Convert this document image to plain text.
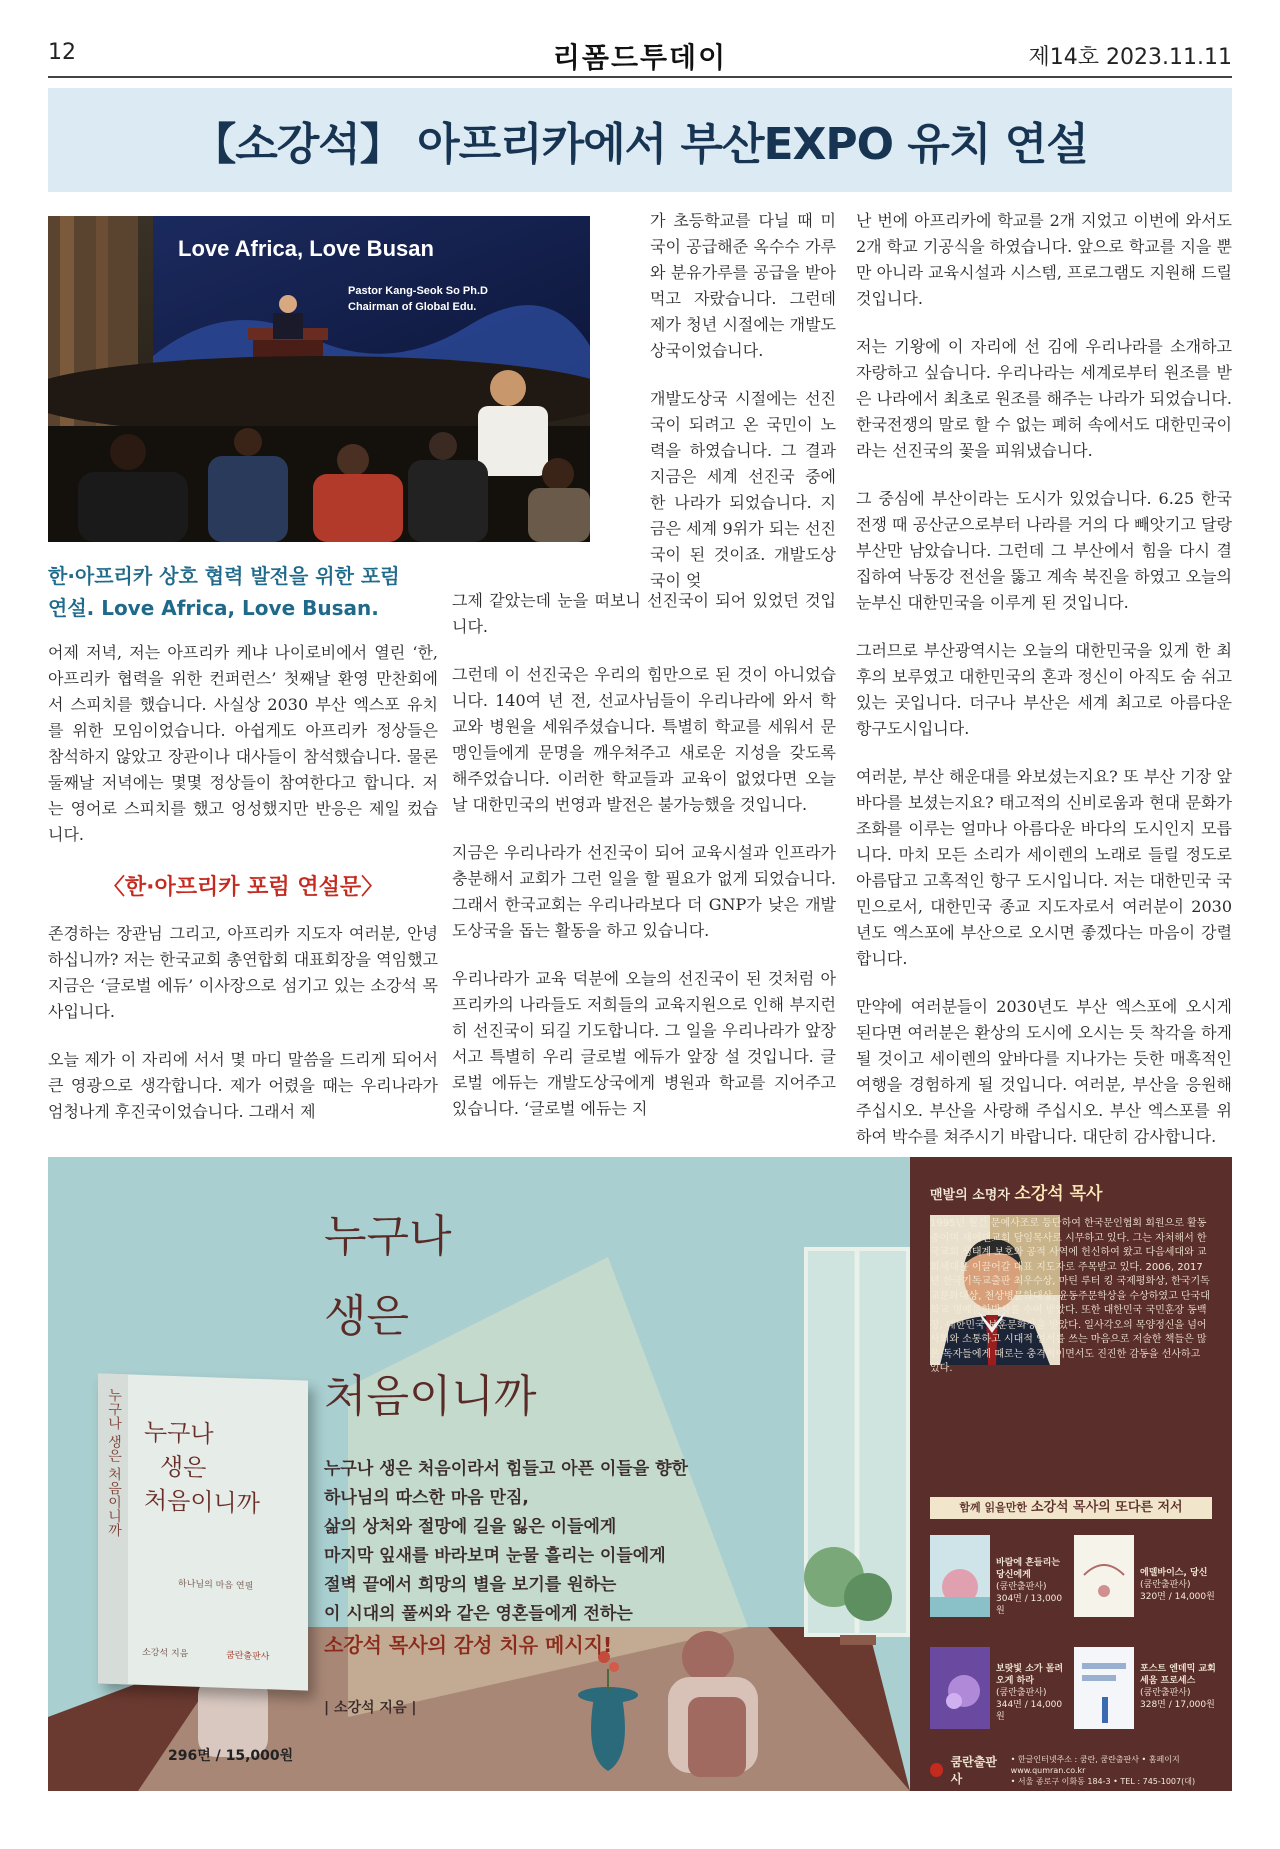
12	리폼드투데이	제14호 2023.11.11
【 소강석 】 아프리카에서 부산EXPO 유치 연설
Love Africa, Love Busan
Pastor Kang-Seok So Ph.D
Chairman of Global Edu.
한·아프리카 상호 협력 발전을 위한 포럼
연설. Love Africa, Love Busan.

어제 저녁, 저는 아프리카 케냐 나이로비에서 열린 ‘한, 아프리카 협력을 위한 컨퍼런스’ 첫째날 환영 만찬회에서 스피치를 했습니다. 사실상 2030 부산 엑스포 유치를 위한 모임이었습니다. 아쉽게도 아프리카 정상들은 참석하지 않았고 장관이나 대사들이 참석했습니다. 물론 둘째날 저녁에는 몇몇 정상들이 참여한다고 합니다. 저는 영어로 스피치를 했고 엉성했지만 반응은 제일 컸습니다.

〈한·아프리카 포럼 연설문〉

존경하는 장관님 그리고, 아프리카 지도자 여러분, 안녕하십니까? 저는 한국교회 총연합회 대표회장을 역임했고 지금은 ‘글로벌 에듀’ 이사장으로 섬기고 있는 소강석 목사입니다.

오늘 제가 이 자리에 서서 몇 마디 말씀을 드리게 되어서 큰 영광으로 생각합니다. 제가 어렸을 때는 우리나라가 엄청나게 후진국이었습니다. 그래서 제

가 초등학교를 다닐 때 미국이 공급해준 옥수수 가루와 분유가루를 공급을 받아먹고 자랐습니다. 그런데 제가 청년 시절에는 개발도상국이었습니다.

개발도상국 시절에는 선진국이 되려고 온 국민이 노력을 하였습니다. 그 결과 지금은 세계 선진국 중에 한 나라가 되었습니다. 지금은 세계 9위가 되는 선진국이 된 것이죠. 개발도상국이 엊

그제 같았는데 눈을 떠보니 선진국이 되어 있었던 것입니다.

그런데 이 선진국은 우리의 힘만으로 된 것이 아니었습니다. 140여 년 전, 선교사님들이 우리나라에 와서 학교와 병원을 세워주셨습니다. 특별히 학교를 세워서 문맹인들에게 문명을 깨우쳐주고 새로운 지성을 갖도록 해주었습니다. 이러한 학교들과 교육이 없었다면 오늘날 대한민국의 번영과 발전은 불가능했을 것입니다.

지금은 우리나라가 선진국이 되어 교육시설과 인프라가 충분해서 교회가 그런 일을 할 필요가 없게 되었습니다. 그래서 한국교회는 우리나라보다 더 GNP가 낮은 개발도상국을 돕는 활동을 하고 있습니다.

우리나라가 교육 덕분에 오늘의 선진국이 된 것처럼 아프리카의 나라들도 저희들의 교육지원으로 인해 부지런히 선진국이 되길 기도합니다. 그 일을 우리나라가 앞장서고 특별히 우리 글로벌 에듀가 앞장 설 것입니다. 글로벌 에듀는 개발도상국에게 병원과 학교를 지어주고 있습니다. ‘글로벌 에듀는 지

난 번에 아프리카에 학교를 2개 지었고 이번에 와서도 2개 학교 기공식을 하였습니다. 앞으로 학교를 지을 뿐만 아니라 교육시설과 시스템, 프로그램도 지원해 드릴 것입니다.

저는 기왕에 이 자리에 선 김에 우리나라를 소개하고 자랑하고 싶습니다. 우리나라는 세계로부터 원조를 받은 나라에서 최초로 원조를 해주는 나라가 되었습니다. 한국전쟁의 말로 할 수 없는 폐허 속에서도 대한민국이라는 선진국의 꽃을 피워냈습니다.

그 중심에 부산이라는 도시가 있었습니다. 6.25 한국전쟁 때 공산군으로부터 나라를 거의 다 빼앗기고 달랑 부산만 남았습니다. 그런데 그 부산에서 힘을 다시 결집하여 낙동강 전선을 뚫고 계속 북진을 하였고 오늘의 눈부신 대한민국을 이루게 된 것입니다.

그러므로 부산광역시는 오늘의 대한민국을 있게 한 최후의 보루였고 대한민국의 혼과 정신이 아직도 숨 쉬고 있는 곳입니다. 더구나 부산은 세계 최고로 아름다운 항구도시입니다.

여러분, 부산 해운대를 와보셨는지요? 또 부산 기장 앞바다를 보셨는지요? 태고적의 신비로움과 현대 문화가 조화를 이루는 얼마나 아름다운 바다의 도시인지 모릅니다. 마치 모든 소리가 세이렌의 노래로 들릴 정도로 아름답고 고혹적인 항구 도시입니다. 저는 대한민국 국민으로서, 대한민국 종교 지도자로서 여러분이 2030년도 엑스포에 부산으로 오시면 좋겠다는 마음이 강렬합니다.

만약에 여러분들이 2030년도 부산 엑스포에 오시게 된다면 여러분은 환상의 도시에 오시는 듯 착각을 하게 될 것이고 세이렌의 앞바다를 지나가는 듯한 매혹적인 여행을 경험하게 될 것입니다. 여러분, 부산을 응원해 주십시오. 부산을 사랑해 주십시오. 부산 엑스포를 위하여 박수를 쳐주시기 바랍니다. 대단히 감사합니다.

누구나 생은 처음이니까 누구나
생은
처음이니까
하나님의 마음 연필
소강석 지음	쿰란출판사
296면 / 15,000원
누구나
생은
처음이니까
누구나 생은 처음이라서 힘들고 아픈 이들을 향한
하나님의 따스한 마음 만짐,
삶의 상처와 절망에 길을 잃은 이들에게
마지막 잎새를 바라보며 눈물 흘리는 이들에게
절벽 끝에서 희망의 별을 보기를 원하는
이 시대의 풀씨와 같은 영혼들에게 전하는
소강석 목사의 감성 치유 메시지!
| 소강석 지음 |
맨발의 소명자 소강석 목사
1995년 월간 문예사조로 등단하여 한국문인협회 회원으로 활동 중이며 새에덴교회 담임목사로 시무하고 있다. 그는 자처해서 한국교회 생태계 보호와 공적 사역에 헌신하여 왔고 다음세대와 교회세대를 이끌어갈 대표 지도자로 주목받고 있다. 2006, 2017년 한국기독교출판 최우수상, 마틴 루터 킹 국제평화상, 한국기독교문화대상, 천상병문학대상, 윤동주문학상을 수상하였고 단국대학교 명예문학박사를 수여 받았다. 또한 대한민국 국민훈장 동백장, 대한민국 보훈문화상을 받았다. 일사각오의 목양정신을 넘어 사회와 소통하고 시대적 언서를 쓰는 마음으로 저술한 책들은 많은 독자들에게 때로는 충격적이면서도 진진한 감동을 선사하고 있다.
함께 읽을만한 소강석 목사의 또다른 저서
바람에 흔들리는 당신에게
(쿰란출판사)
304면 / 13,000원
에델바이스, 당신
(쿰란출판사)
320면 / 14,000원
보랏빛 소가 몰려오게 하라
(쿰란출판사)
344면 / 14,000원
포스트 엔데믹 교회 세움 프로세스
(쿰란출판사)
328면 / 17,000원
쿰란출판사
• 한글인터넷주소 : 쿰란, 쿰란출판사 • 홈페이지 www.qumran.co.kr
• 서울 종로구 이화동 184-3 • TEL : 745-1007(대)
